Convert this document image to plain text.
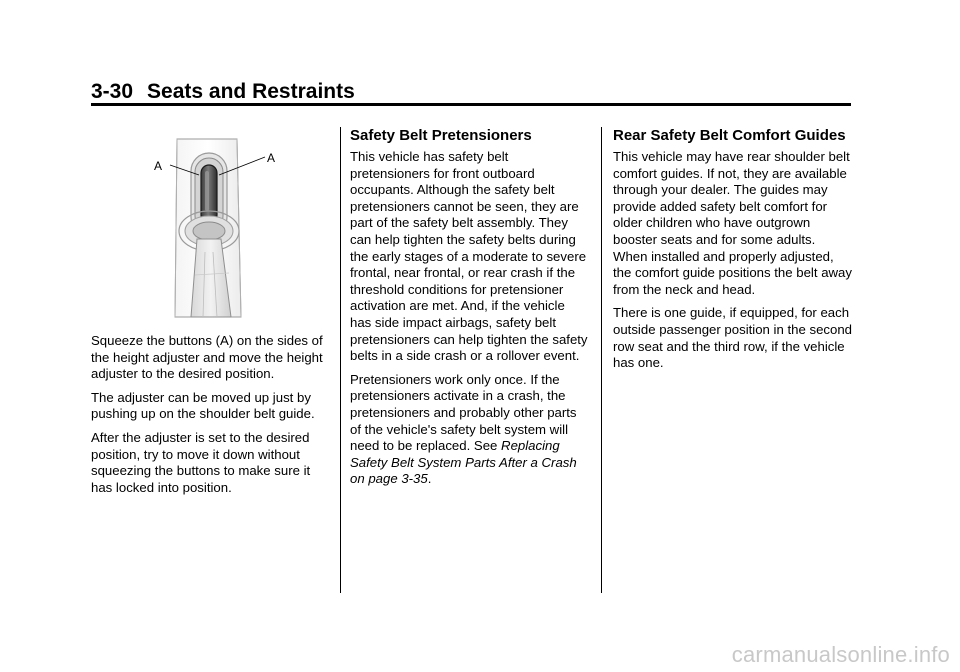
3-30 Seats and Restraints
A
A

Squeeze the buttons (A) on the sides of the height adjuster and move the height adjuster to the desired position.

The adjuster can be moved up just by pushing up on the shoulder belt guide.

After the adjuster is set to the desired position, try to move it down without squeezing the buttons to make sure it has locked into position.

Safety Belt Pretensioners

This vehicle has safety belt pretensioners for front outboard occupants. Although the safety belt pretensioners cannot be seen, they are part of the safety belt assembly. They can help tighten the safety belts during the early stages of a moderate to severe frontal, near frontal, or rear crash if the threshold conditions for pretensioner activation are met. And, if the vehicle has side impact airbags, safety belt pretensioners can help tighten the safety belts in a side crash or a rollover event.

Pretensioners work only once. If the pretensioners activate in a crash, the pretensioners and probably other parts of the vehicle's safety belt system will need to be replaced. See Replacing Safety Belt System Parts After a Crash on page 3-35.

Rear Safety Belt Comfort Guides

This vehicle may have rear shoulder belt comfort guides. If not, they are available through your dealer. The guides may provide added safety belt comfort for older children who have outgrown booster seats and for some adults. When installed and properly adjusted, the comfort guide positions the belt away from the neck and head.

There is one guide, if equipped, for each outside passenger position in the second row seat and the third row, if the vehicle has one.

carmanualsonline.info
